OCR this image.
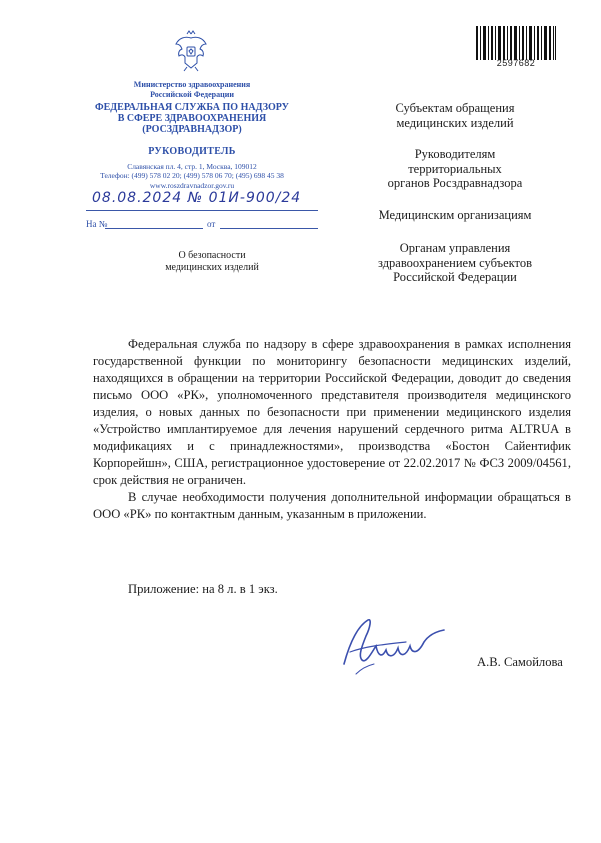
2597682
Министерство здравоохранения
Российской Федерации
ФЕДЕРАЛЬНАЯ СЛУЖБА ПО НАДЗОРУ
В СФЕРЕ ЗДРАВООХРАНЕНИЯ
(РОСЗДРАВНАДЗОР)
РУКОВОДИТЕЛЬ
Славянская пл. 4, стр. 1, Москва, 109012
Телефон: (499) 578 02 20; (499) 578 06 70; (495) 698 45 38
www.roszdravnadzor.gov.ru
08.08.2024 № 01И-900/24
На №	от
О безопасности
медицинских изделий
Субъектам обращения
медицинских изделий
Руководителям
территориальных
органов Росздравнадзора
Медицинским организациям
Органам управления
здравоохранением субъектов
Российской Федерации

Федеральная служба по надзору в сфере здравоохранения в рамках исполнения государственной функции по мониторингу безопасности медицинских изделий, находящихся в обращении на территории Российской Федерации, доводит до сведения письмо ООО «РК», уполномоченного представителя производителя медицинского изделия, о новых данных по безопасности при применении медицинского изделия «Устройство имплантируемое для лечения нарушений сердечного ритма ALTRUA в модификациях и с принадлежностями», производства «Бостон Сайентифик Корпорейшн», США, регистрационное удостоверение от 22.02.2017 № ФСЗ 2009/04561, срок действия не ограничен.

В случае необходимости получения дополнительной информации обращаться в ООО «РК» по контактным данным, указанным в приложении.

Приложение: на 8 л. в 1 экз.
А.В. Самойлова
